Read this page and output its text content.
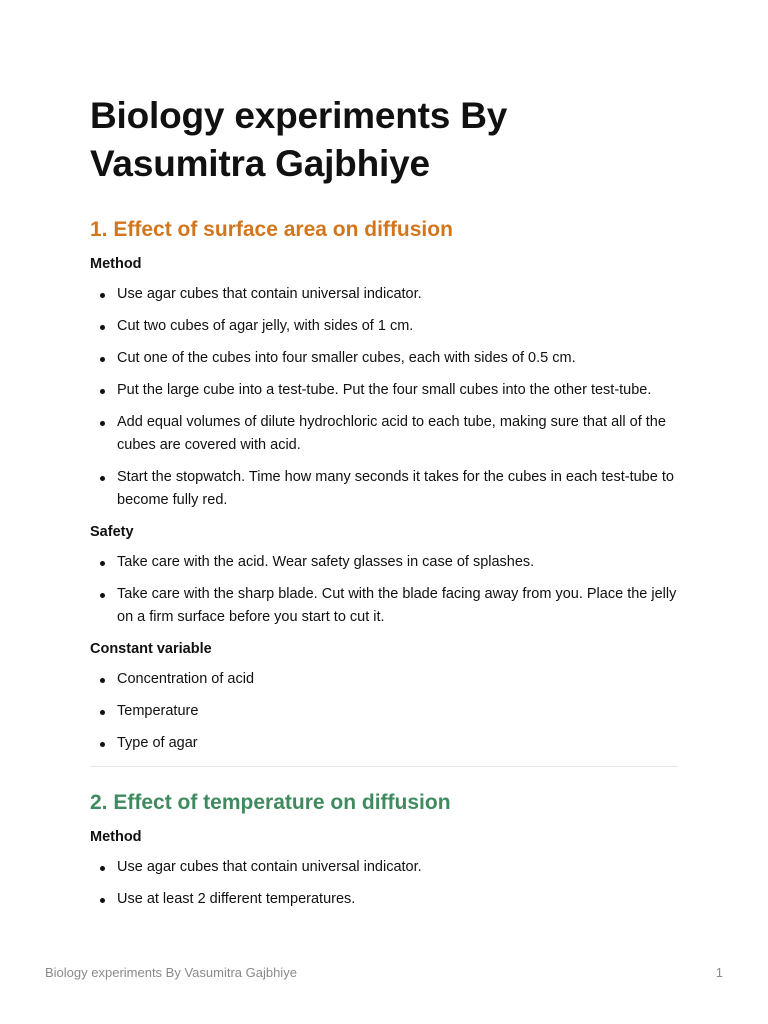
Biology experiments By Vasumitra Gajbhiye
1. Effect of surface area on diffusion
Method
Use agar cubes that contain universal indicator.
Cut two cubes of agar jelly, with sides of 1 cm.
Cut one of the cubes into four smaller cubes, each with sides of 0.5 cm.
Put the large cube into a test-tube. Put the four small cubes into the other test-tube.
Add equal volumes of dilute hydrochloric acid to each tube, making sure that all of the cubes are covered with acid.
Start the stopwatch. Time how many seconds it takes for the cubes in each test-tube to become fully red.
Safety
Take care with the acid. Wear safety glasses in case of splashes.
Take care with the sharp blade. Cut with the blade facing away from you. Place the jelly on a firm surface before you start to cut it.
Constant variable
Concentration of acid
Temperature
Type of agar
2. Effect of temperature on diffusion
Method
Use agar cubes that contain universal indicator.
Use at least 2 different temperatures.
Biology experiments By Vasumitra Gajbhiye	1
